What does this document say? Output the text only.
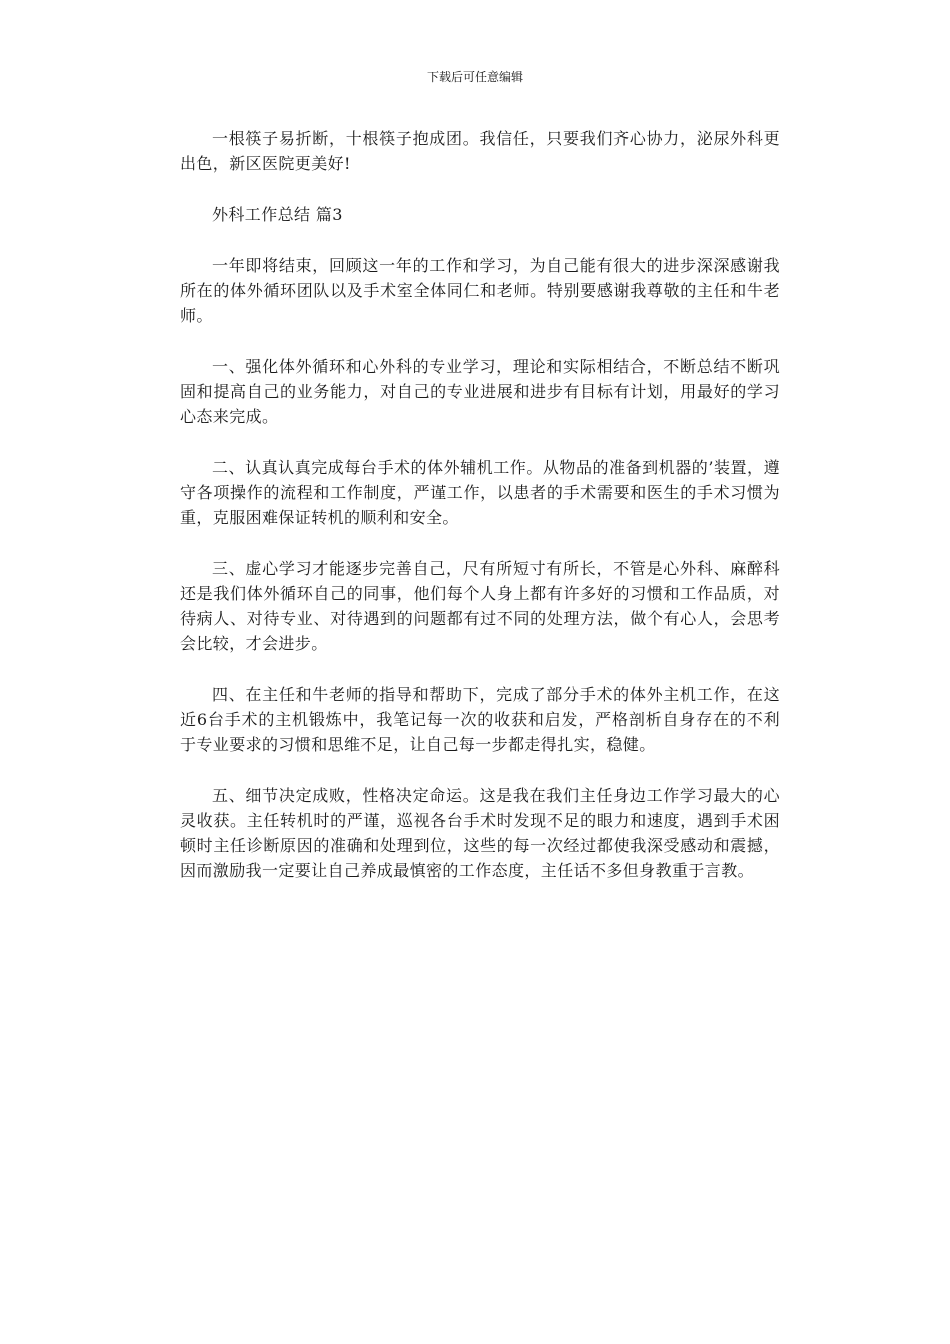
下载后可任意编辑

一根筷子易折断，十根筷子抱成团。我信任，只要我们齐心协力，泌尿外科更出色，新区医院更美好!

外科工作总结 篇3

一年即将结束，回顾这一年的工作和学习，为自己能有很大的进步深深感谢我所在的体外循环团队以及手术室全体同仁和老师。特别要感谢我尊敬的主任和牛老师。

一、强化体外循环和心外科的专业学习，理论和实际相结合，不断总结不断巩固和提高自己的业务能力，对自己的专业进展和进步有目标有计划，用最好的学习心态来完成。

二、认真认真完成每台手术的体外辅机工作。从物品的准备到机器的’装置，遵守各项操作的流程和工作制度，严谨工作，以患者的手术需要和医生的手术习惯为重，克服困难保证转机的顺利和安全。

三、虚心学习才能逐步完善自己，尺有所短寸有所长，不管是心外科、麻醉科还是我们体外循环自己的同事，他们每个人身上都有许多好的习惯和工作品质，对待病人、对待专业、对待遇到的问题都有过不同的处理方法，做个有心人，会思考会比较，才会进步。

四、在主任和牛老师的指导和帮助下，完成了部分手术的体外主机工作，在这近6台手术的主机锻炼中，我笔记每一次的收获和启发，严格剖析自身存在的不利于专业要求的习惯和思维不足，让自己每一步都走得扎实，稳健。

五、细节决定成败，性格决定命运。这是我在我们主任身边工作学习最大的心灵收获。主任转机时的严谨，巡视各台手术时发现不足的眼力和速度，遇到手术困顿时主任诊断原因的准确和处理到位，这些的每一次经过都使我深受感动和震撼，因而激励我一定要让自己养成最慎密的工作态度，主任话不多但身教重于言教。
